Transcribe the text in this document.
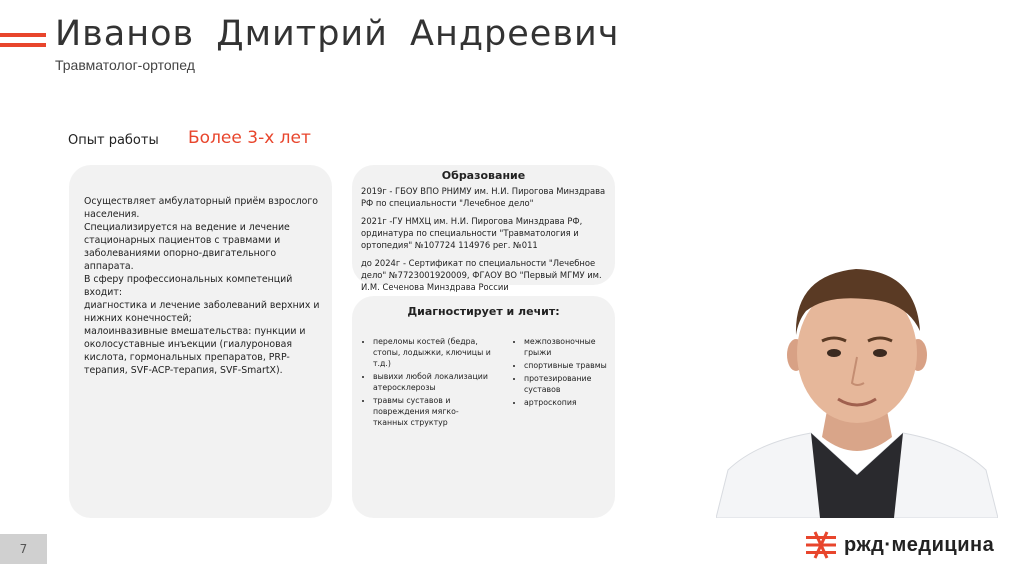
Иванов Дмитрий Андреевич
Травматолог-ортопед
Опыт работы Более 3-х лет

Осуществляет амбулаторный приём взрослого населения.

Специализируется на ведение и лечение стационарных пациентов с травмами и заболеваниями опорно-двигательного аппарата.

В сферу профессиональных компетенций входит:

диагностика и лечение заболеваний верхних и нижних конечностей;

малоинвазивные вмешательства: пункции и околосуставные инъекции (гиалуроновая кислота, гормональных препаратов, PRP-терапия, SVF-ACP-терапия, SVF-SmartX).

Образование

2019г - ГБОУ ВПО РНИМУ им. Н.И. Пирогова Минздрава РФ по специальности "Лечебное дело"

2021г -ГУ НМХЦ им. Н.И. Пирогова Минздрава РФ, ординатура по специальности "Травматология и ортопедия" №107724 114976 рег. №011

до 2024г - Сертификат по специальности "Лечебное дело" №7723001920009, ФГАОУ ВО "Первый МГМУ им. И.М. Сеченова Минздрава России

Диагностирует и лечит:
• переломы костей (бедра, стопы, лодыжки, ключицы и т.д.)
• вывихи любой локализации атеросклерозы
• травмы суставов и повреждения мягко-тканных структур
• межпозвоночные грыжи
• спортивные травмы
• протезирование суставов
• артроскопия
7	ржд·медицина
